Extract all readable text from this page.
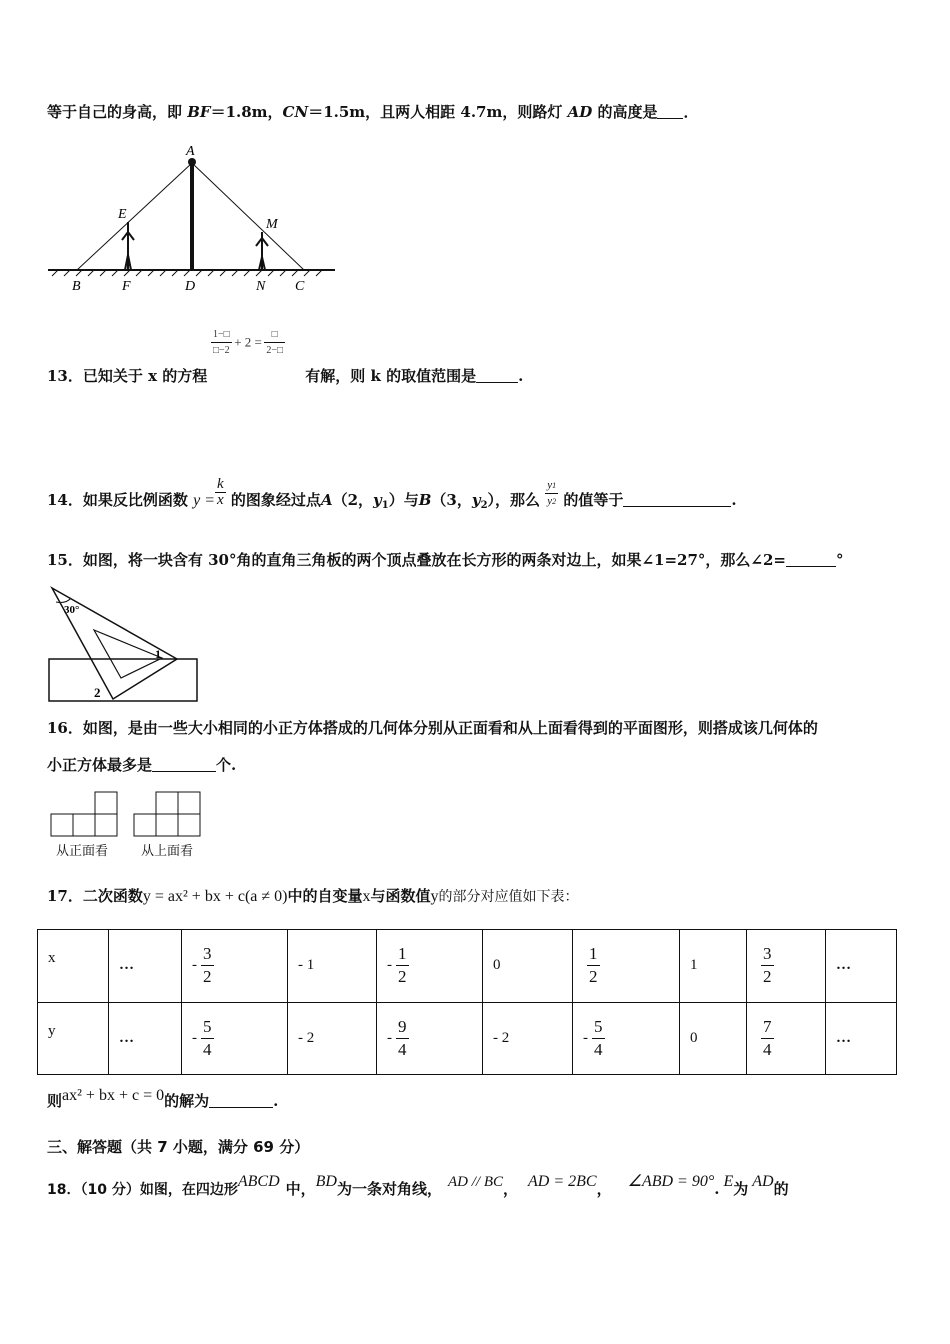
等于自己的身高，即 BF＝1.8m，CN＝1.5m，且两人相距 4.7m，则路灯 AD 的高度是 ．
A
E
M
B	F	D	N C
$\frac{1-□}{□-2} + 2 = \frac{□}{2-□}$
13．已知关于 x 的方程	有解，则 k 的取值范围是	.
14．如果反比例函数 $y = \frac{k}{x}$ 的图象经过点A（2，$y_1$）与B（3，$y_2$），那么 $\frac{y1}{y2}$ 的值等于	.
15．如图，将一块含有 30°角的直角三角板的两个顶点叠放在长方形的两条对边上，如果∠1=27°，那么∠2=	°
30°
1
2
16．如图，是由一些大小相同的小正方体搭成的几何体分别从正面看和从上面看得到的平面图形，则搭成该几何体的
小正方体最多是	个.
从正面看	从上面看
17．二次函数y = ax² + bx + c(a ≠ 0)中的自变量x与函数值y的部分对应值如下表：
x	…	- $\frac{3}{2}$	- 1	- $\frac{1}{2}$	0	$\frac{1}{2}$	1	$\frac{3}{2}$	…
y	…	- $\frac{5}{4}$	- 2	- $\frac{9}{4}$	- 2	- $\frac{5}{4}$	0	$\frac{7}{4}$	…
则ax² + bx + c = 0的解为	.
三、解答题（共 7 小题，满分 69 分）
18．（10 分）如图，在四边形ABCD 中，BD为一条对角线， AD // BC， AD = 2BC， ∠ABD = 90°. E为 AD的
